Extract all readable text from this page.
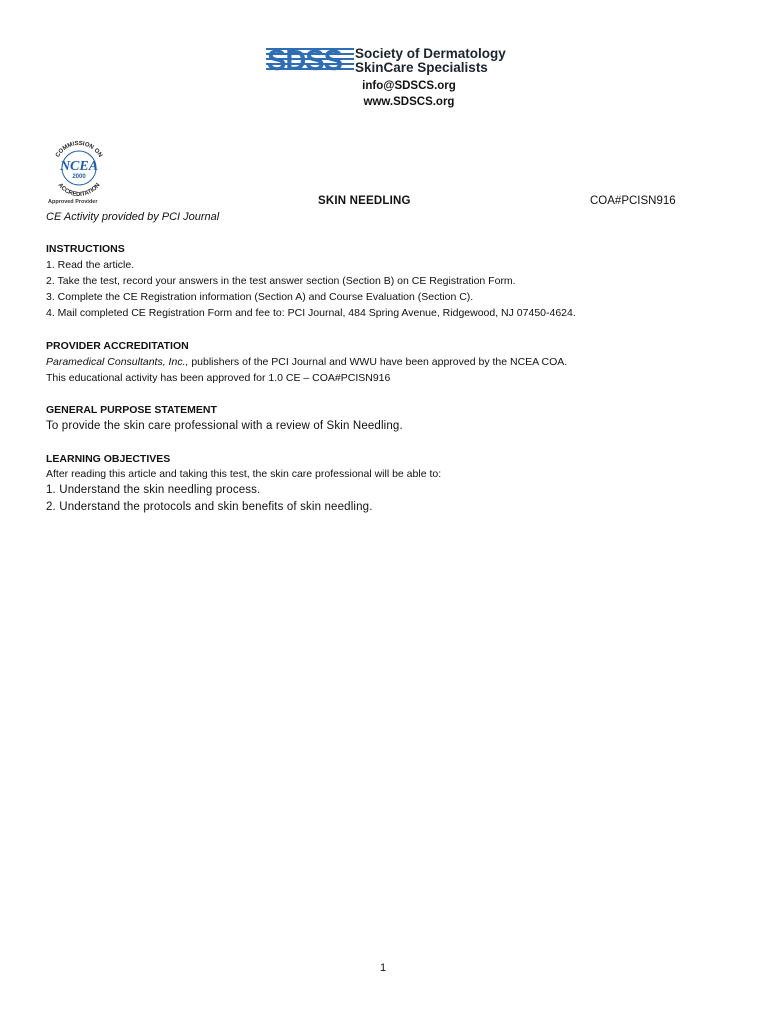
SDSS Society of Dermatology
SkinCare Specialists
info@SDSCS.org
www.SDSCS.org
COMMISSION ON
ACCREDITATION
NCEA
2000
Approved Provider	SKIN NEEDLING	COA#PCISN916
CE Activity provided by PCI Journal
INSTRUCTIONS
1. Read the article.
2. Take the test, record your answers in the test answer section (Section B) on CE Registration Form.
3. Complete the CE Registration information (Section A) and Course Evaluation (Section C).
4. Mail completed CE Registration Form and fee to: PCI Journal, 484 Spring Avenue, Ridgewood, NJ 07450-4624.
PROVIDER ACCREDITATION
Paramedical Consultants, Inc., publishers of the PCI Journal and WWU have been approved by the NCEA COA.
This educational activity has been approved for 1.0 CE – COA#PCISN916
GENERAL PURPOSE STATEMENT
To provide the skin care professional with a review of Skin Needling.
LEARNING OBJECTIVES
After reading this article and taking this test, the skin care professional will be able to:
1. Understand the skin needling process.
2. Understand the protocols and skin benefits of skin needling.
1
